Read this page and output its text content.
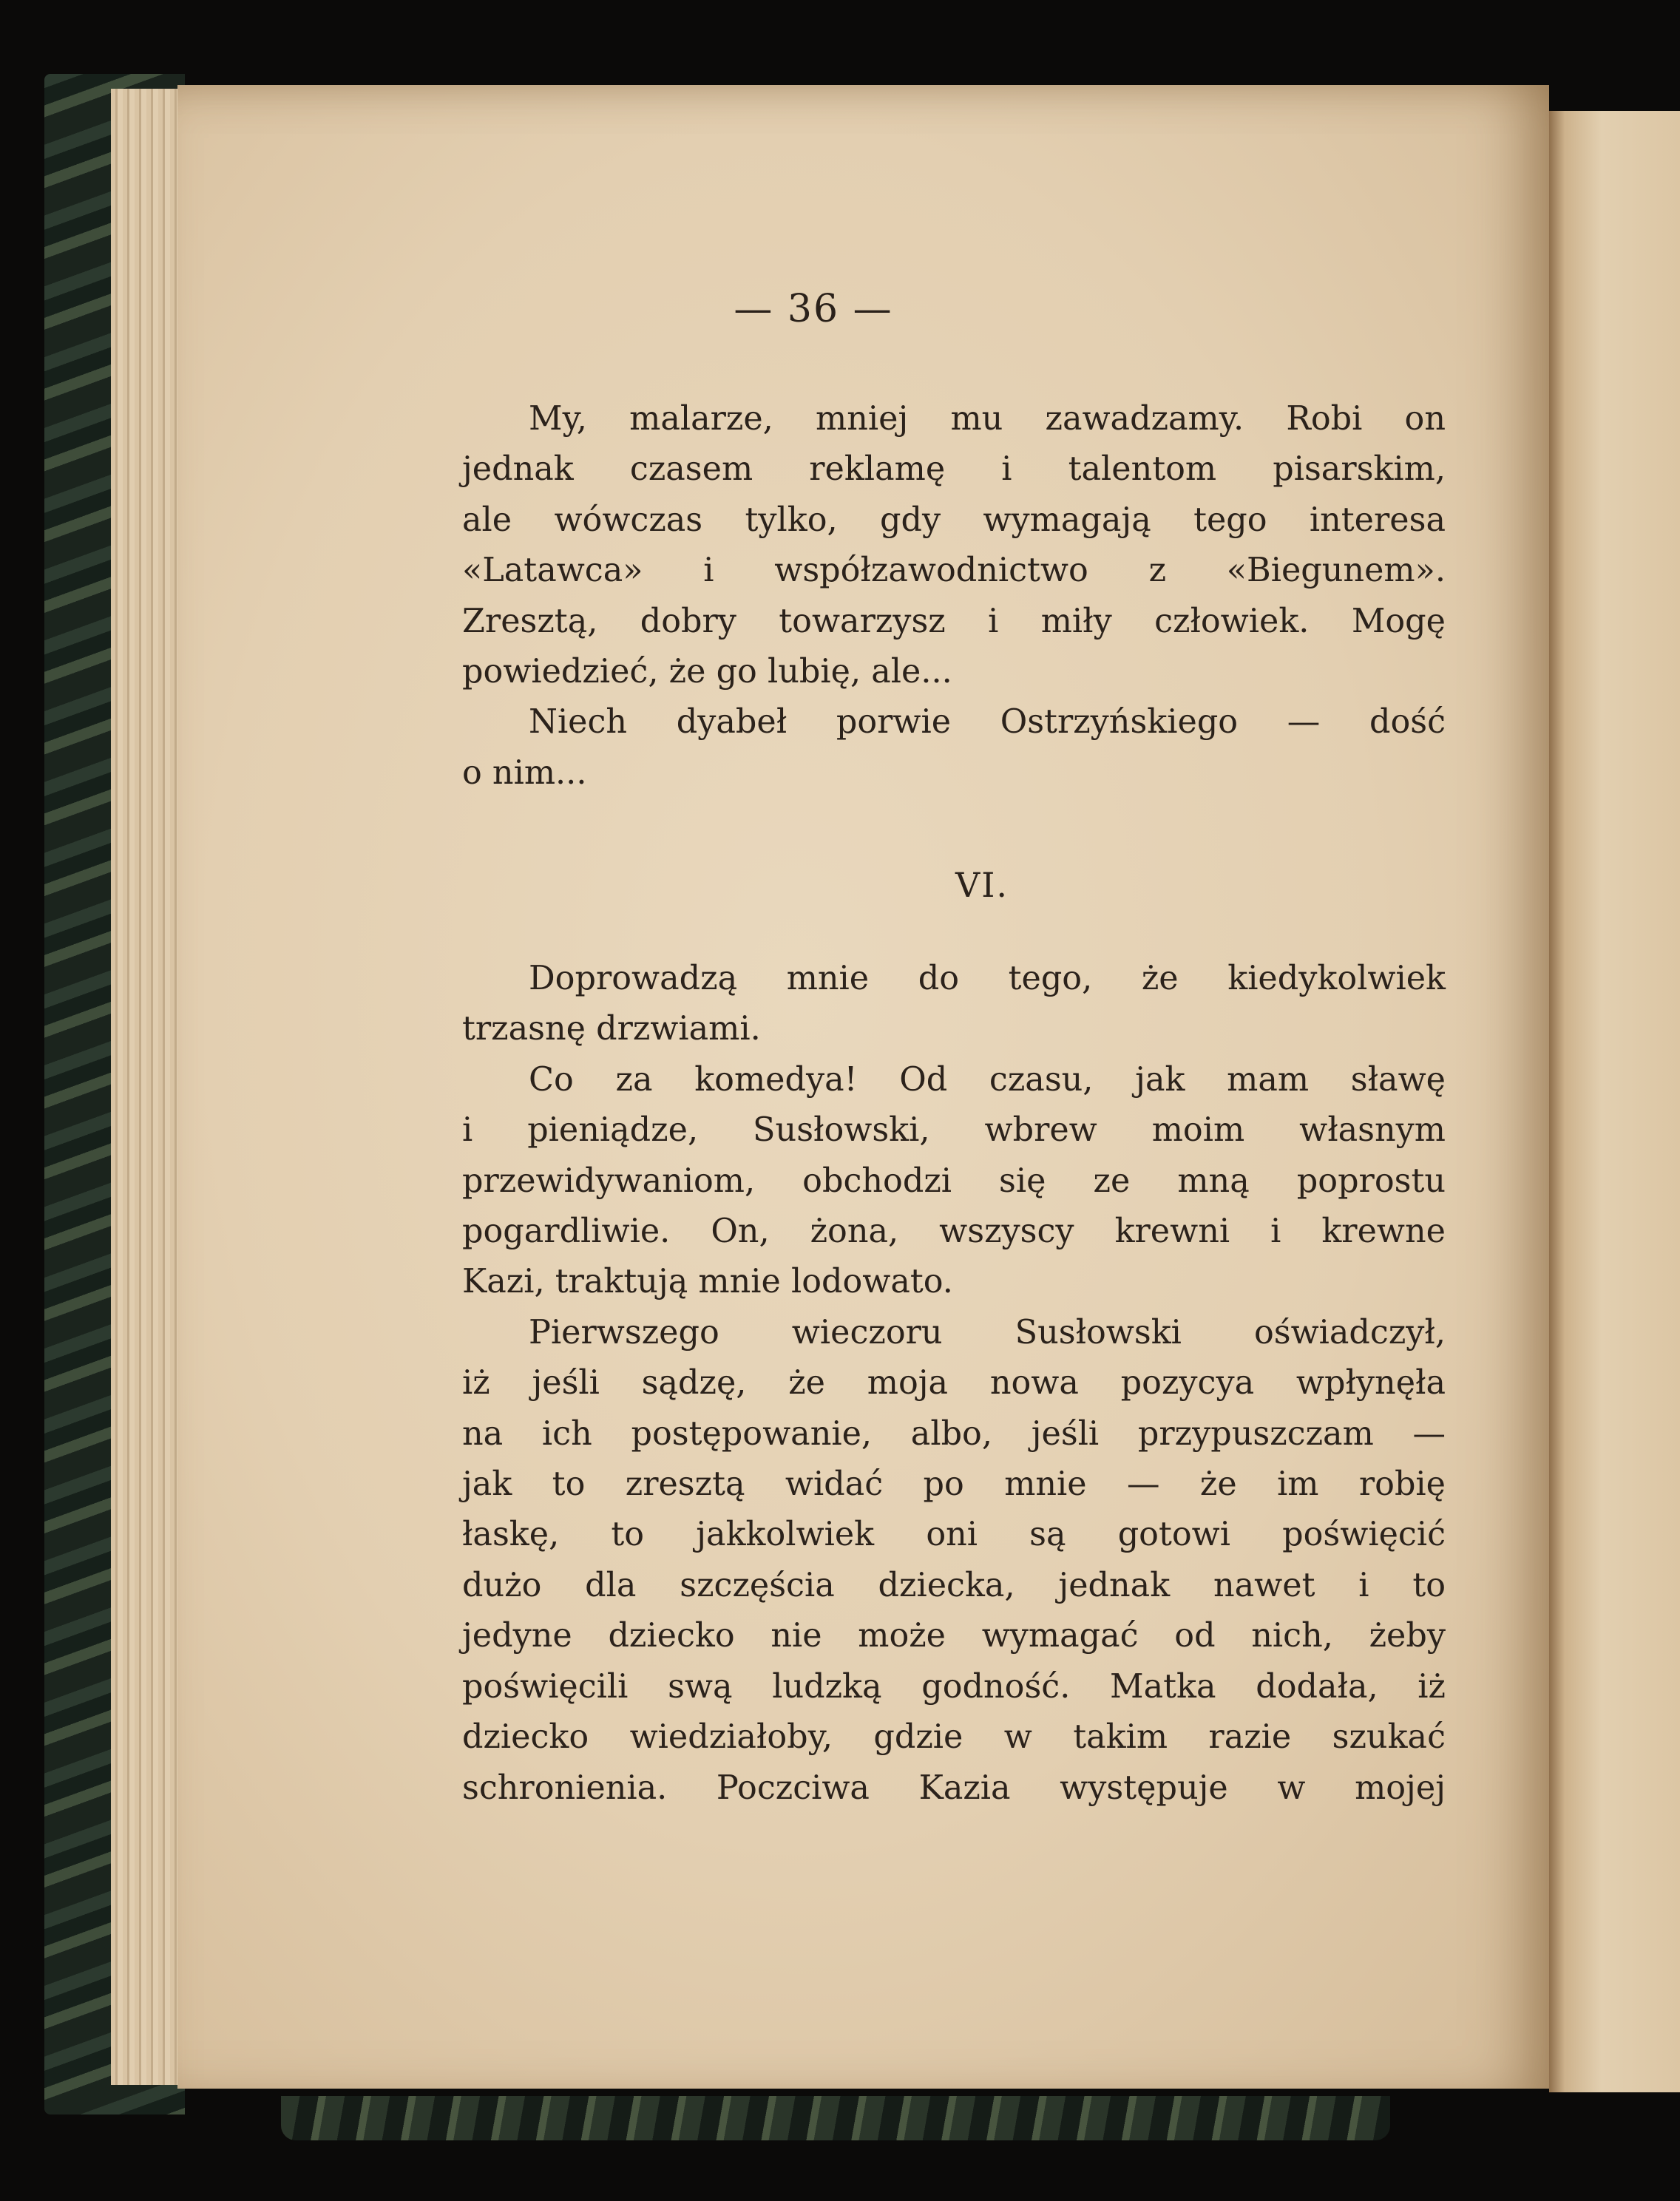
— 36 —
My, malarze, mniej mu zawadzamy. Robi on
jednak czasem reklamę i talentom pisarskim,
ale wówczas tylko, gdy wymagają tego interesa
«Latawca» i współzawodnictwo z «Biegunem».
Zresztą, dobry towarzysz i miły człowiek. Mogę
powiedzieć, że go lubię, ale...
Niech dyabeł porwie Ostrzyńskiego — dość
o nim...
VI.
Doprowadzą mnie do tego, że kiedykolwiek
trzasnę drzwiami.
Co za komedya! Od czasu, jak mam sławę
i pieniądze, Susłowski, wbrew moim własnym
przewidywaniom, obchodzi się ze mną poprostu
pogardliwie. On, żona, wszyscy krewni i krewne
Kazi, traktują mnie lodowato.
Pierwszego wieczoru Susłowski oświadczył,
iż jeśli sądzę, że moja nowa pozycya wpłynęła
na ich postępowanie, albo, jeśli przypuszczam —
jak to zresztą widać po mnie — że im robię
łaskę, to jakkolwiek oni są gotowi poświęcić
dużo dla szczęścia dziecka, jednak nawet i to
jedyne dziecko nie może wymagać od nich, żeby
poświęcili swą ludzką godność. Matka dodała, iż
dziecko wiedziałoby, gdzie w takim razie szukać
schronienia. Poczciwa Kazia występuje w mojej
